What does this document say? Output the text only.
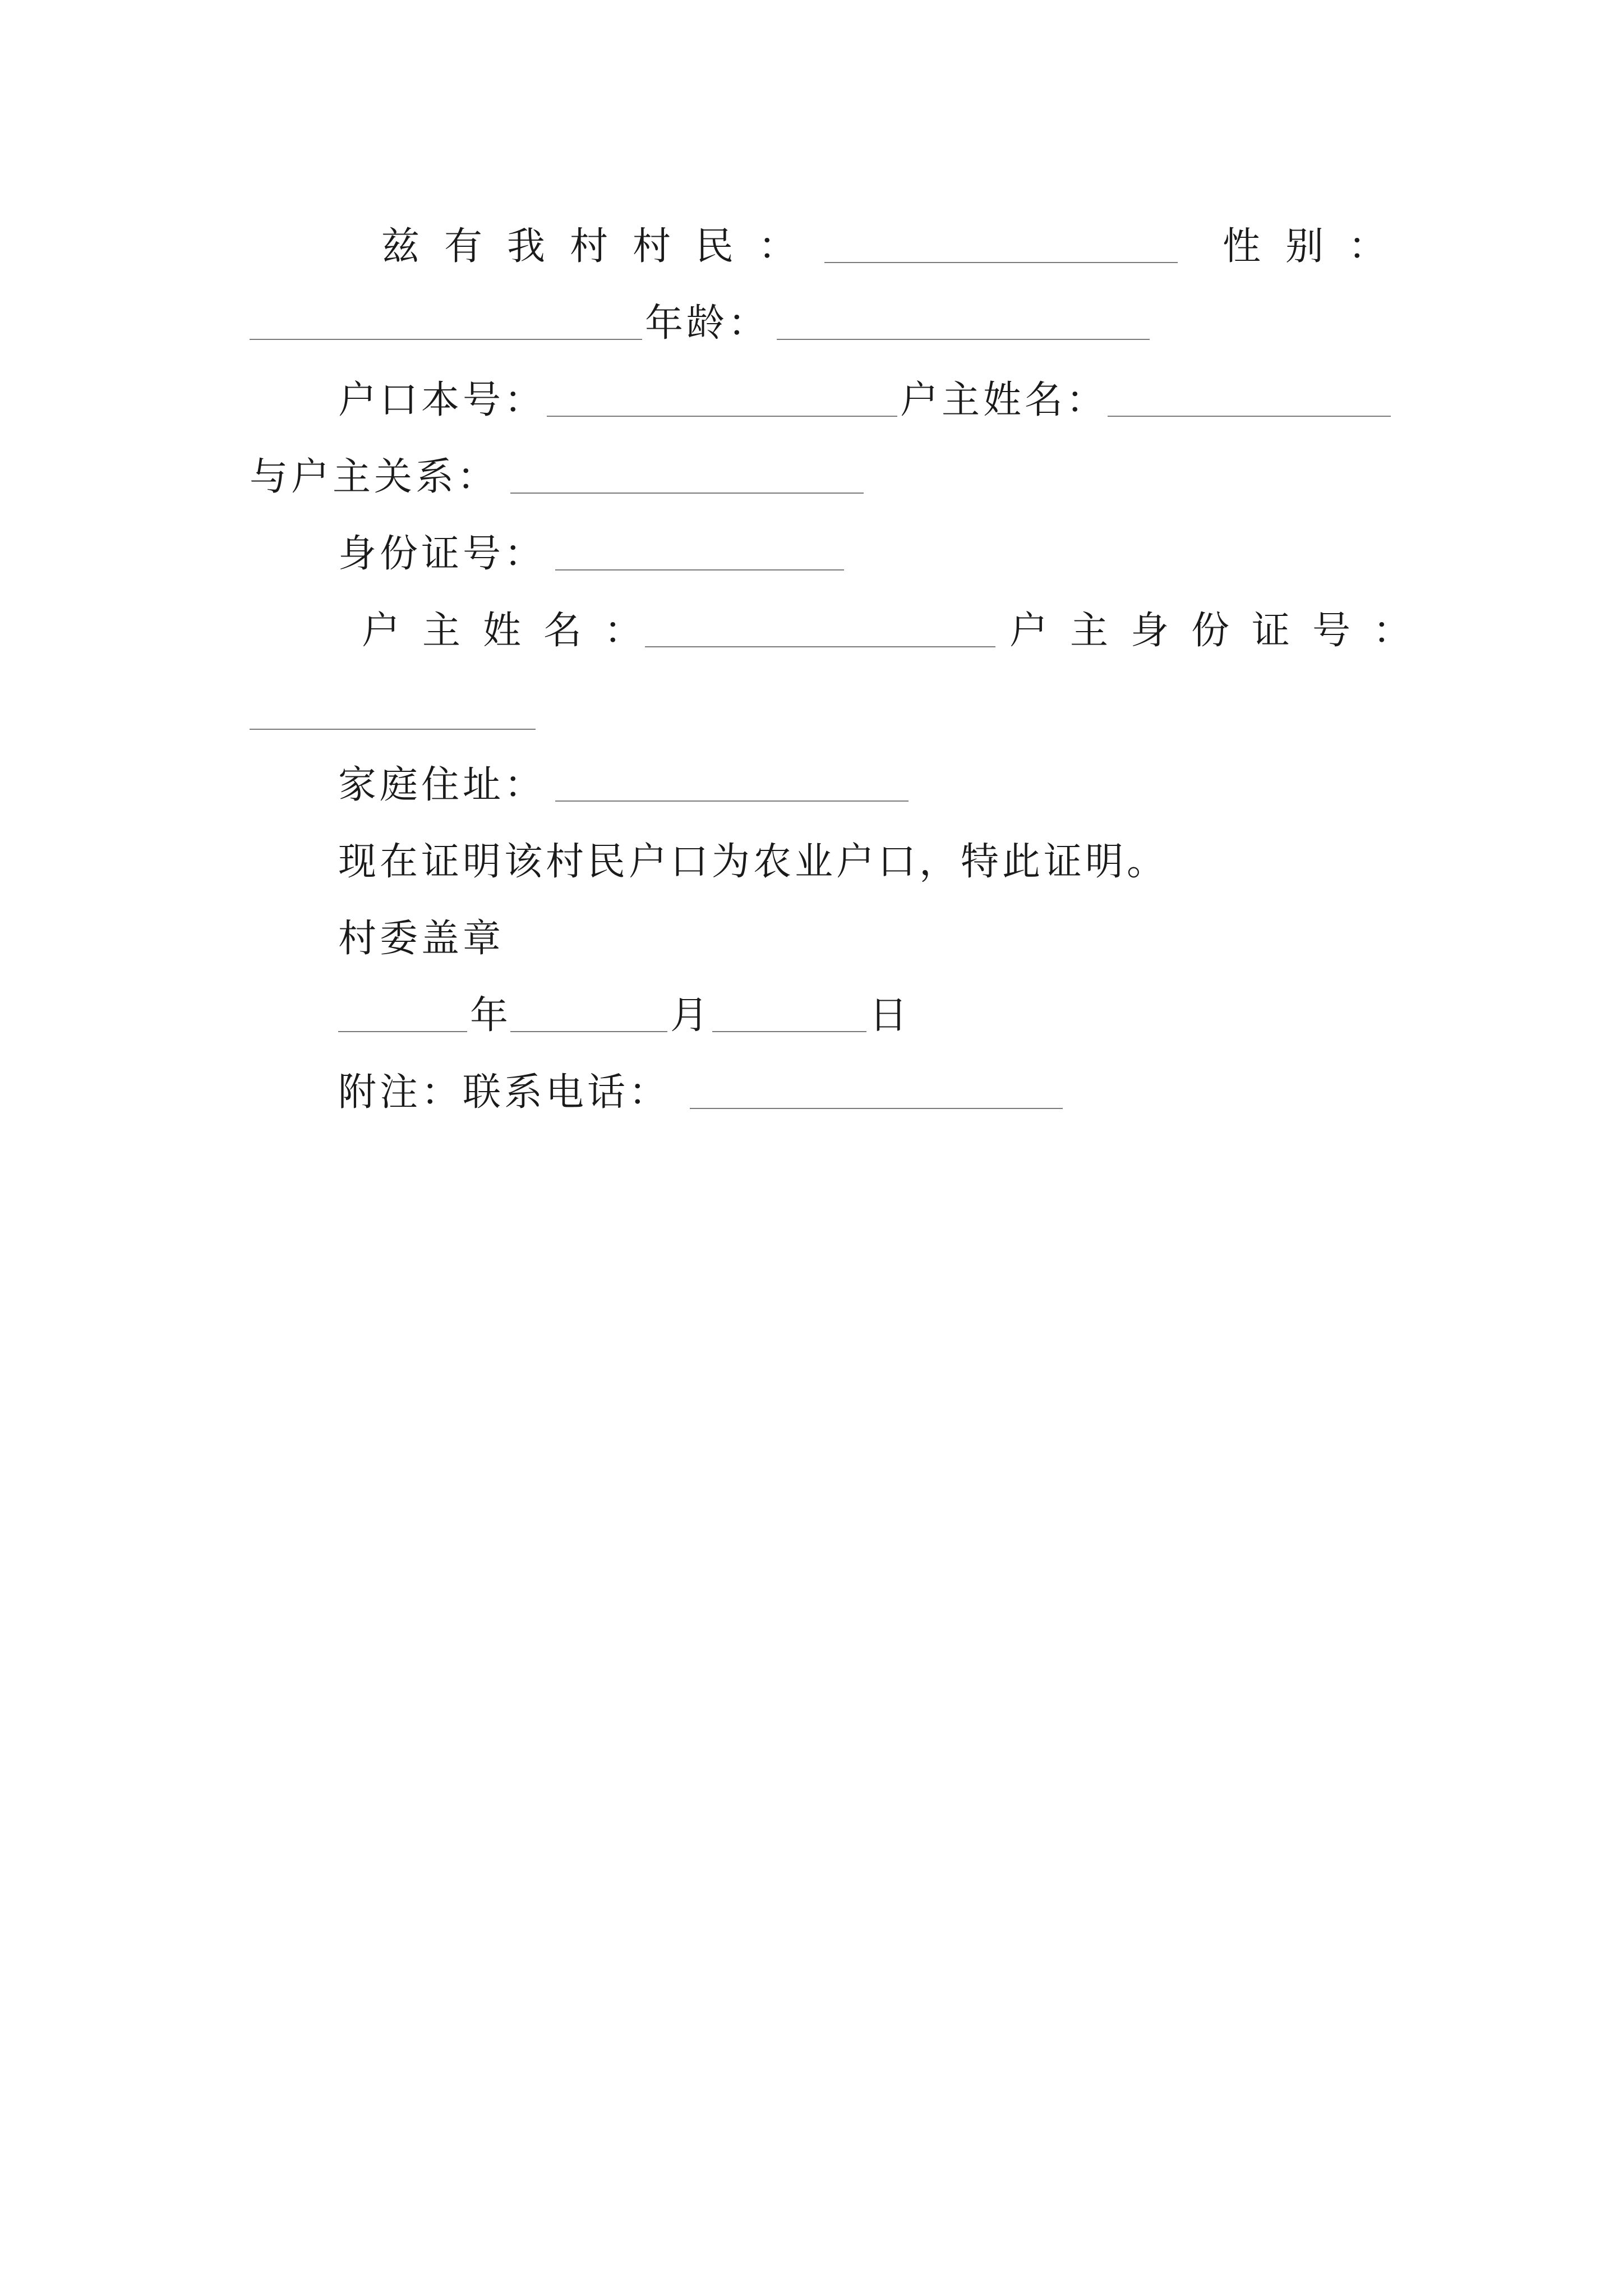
兹有我村村民：	性别：
年龄：
户口本号：	户主姓名：
与户主关系：
身份证号：
户主姓名：	户主身份证号：
家庭住址：
现在证明该村民户口为农业户口，特此证明。
村委盖章
年	月	日
附注：联系电话：
